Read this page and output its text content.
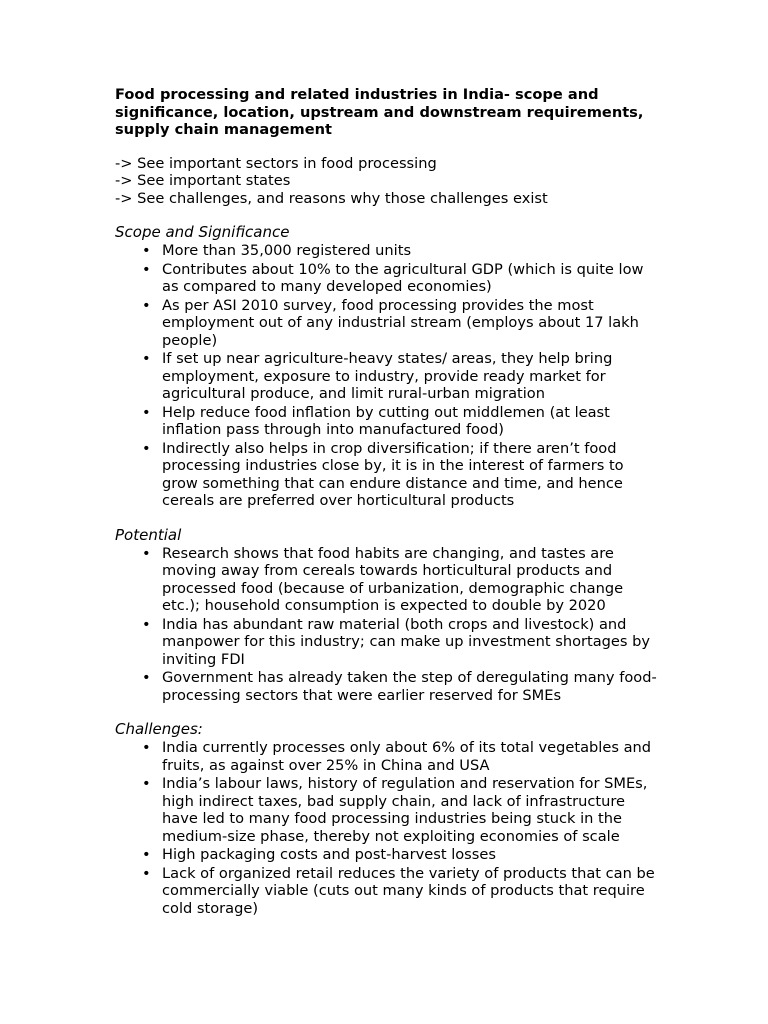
Food processing and related industries in India- scope and significance, location, upstream and downstream requirements, supply chain management
-> See important sectors in food processing
-> See important states
-> See challenges, and reasons why those challenges exist
Scope and Significance
• More than 35,000 registered units
• Contributes about 10% to the agricultural GDP (which is quite low as compared to many developed economies)
• As per ASI 2010 survey, food processing provides the most employment out of any industrial stream (employs about 17 lakh people)
• If set up near agriculture-heavy states/ areas, they help bring employment, exposure to industry, provide ready market for agricultural produce, and limit rural-urban migration
• Help reduce food inflation by cutting out middlemen (at least inflation pass through into manufactured food)
• Indirectly also helps in crop diversification; if there aren’t food processing industries close by, it is in the interest of farmers to grow something that can endure distance and time, and hence cereals are preferred over horticultural products
Potential
• Research shows that food habits are changing, and tastes are moving away from cereals towards horticultural products and processed food (because of urbanization, demographic change etc.); household consumption is expected to double by 2020
• India has abundant raw material (both crops and livestock) and manpower for this industry; can make up investment shortages by inviting FDI
• Government has already taken the step of deregulating many food-processing sectors that were earlier reserved for SMEs
Challenges:
• India currently processes only about 6% of its total vegetables and fruits, as against over 25% in China and USA
• India’s labour laws, history of regulation and reservation for SMEs, high indirect taxes, bad supply chain, and lack of infrastructure have led to many food processing industries being stuck in the medium-size phase, thereby not exploiting economies of scale
• High packaging costs and post-harvest losses
• Lack of organized retail reduces the variety of products that can be commercially viable (cuts out many kinds of products that require cold storage)
